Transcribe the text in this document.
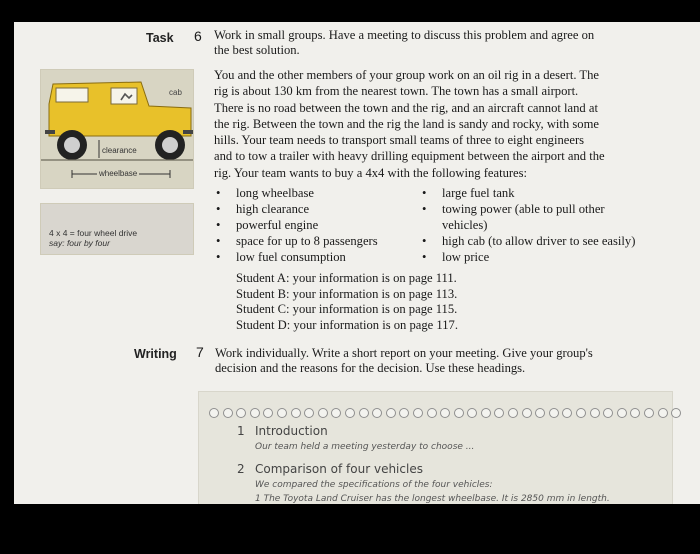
Task 6 Work in small groups. Have a meeting to discuss this problem and agree on
the best solution.
You and the other members of your group work on an oil rig in a desert. The
rig is about 130 km from the nearest town. The town has a small airport.
There is no road between the town and the rig, and an aircraft cannot land at
the rig. Between the town and the rig the land is sandy and rocky, with some
hills. Your team needs to transport small teams of three to eight engineers
and to tow a trailer with heavy drilling equipment between the airport and the
rig. Your team wants to buy a 4x4 with the following features:
• long wheelbase
• high clearance
• powerful engine
• space for up to 8 passengers
• low fuel consumption
• large fuel tank
• towing power (able to pull other
vehicles)
• high cab (to allow driver to see easily)
• low price
Student A: your information is on page 111.
Student B: your information is on page 113.
Student C: your information is on page 115.
Student D: your information is on page 117.
cab
clearance
wheelbase
4 x 4 = four wheel drive
say: four by four
Writing 7 Work individually. Write a short report on your meeting. Give your group's
decision and the reasons for the decision. Use these headings.
1 Introduction
Our team held a meeting yesterday to choose ...
2 Comparison of four vehicles
We compared the specifications of the four vehicles:
1 The Toyota Land Cruiser has the longest wheelbase. It is 2850 mm in length.
